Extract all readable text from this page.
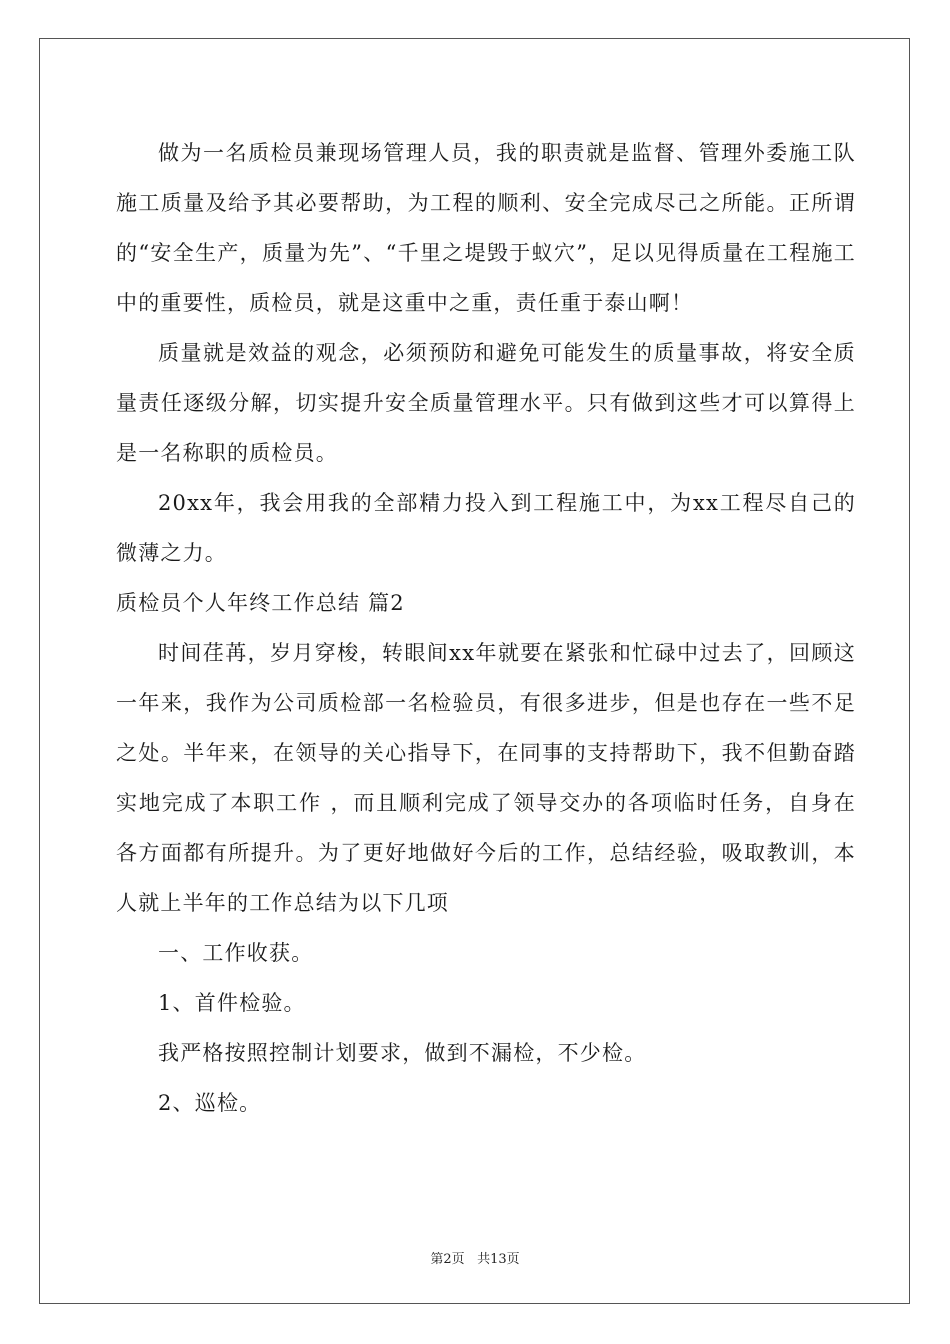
做为一名质检员兼现场管理人员，我的职责就是监督、管理外委施工队施工质量及给予其必要帮助，为工程的顺利、安全完成尽己之所能。正所谓的“安全生产，质量为先”、“千里之堤毁于蚁穴”，足以见得质量在工程施工中的重要性，质检员，就是这重中之重，责任重于泰山啊！

质量就是效益的观念，必须预防和避免可能发生的质量事故，将安全质量责任逐级分解，切实提升安全质量管理水平。只有做到这些才可以算得上是一名称职的质检员。

20xx年，我会用我的全部精力投入到工程施工中，为xx工程尽自己的微薄之力。

质检员个人年终工作总结 篇2

时间荏苒，岁月穿梭，转眼间xx年就要在紧张和忙碌中过去了，回顾这一年来，我作为公司质检部一名检验员，有很多进步，但是也存在一些不足之处。半年来，在领导的关心指导下，在同事的支持帮助下，我不但勤奋踏实地完成了本职工作 ，而且顺利完成了领导交办的各项临时任务，自身在各方面都有所提升。为了更好地做好今后的工作，总结经验，吸取教训，本人就上半年的工作总结为以下几项

一、工作收获。

1、首件检验。

我严格按照控制计划要求，做到不漏检，不少检。

2、巡检。

第2页 共13页
